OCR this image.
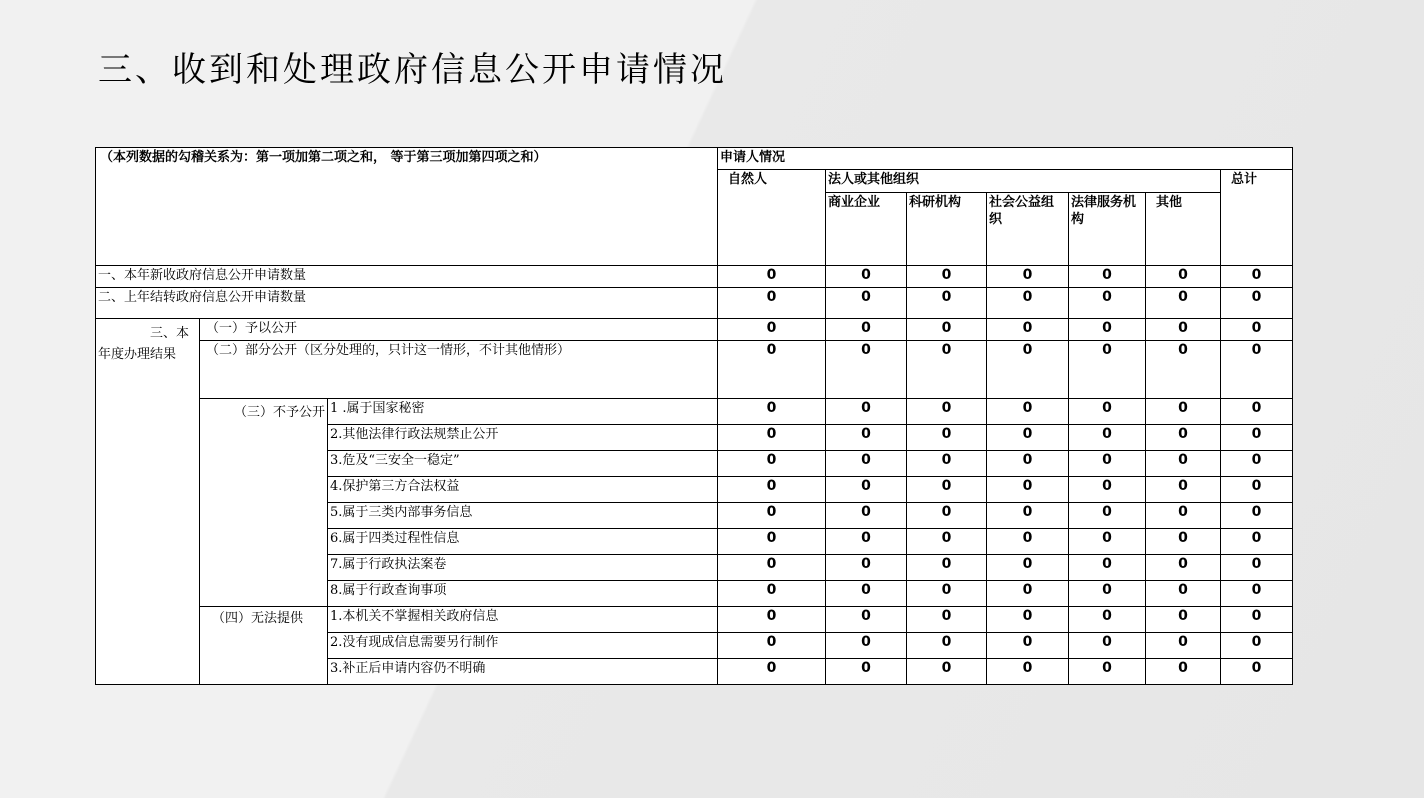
三、收到和处理政府信息公开申请情况
（本列数据的勾稽关系为：第一项加第二项之和， 等于第三项加第四项之和）			申请人情况						
			自然人	法人或其他组织					总计
				商业企业	科研机构	社会公益组织	法律服务机构	其他	
一、本年新收政府信息公开申请数量			0	0	0	0	0	0	0
二、上年结转政府信息公开申请数量			0	0	0	0	0	0	0
三、本年度办理结果	（一）予以公开		0	0	0	0	0	0	0
	（二）部分公开（区分处理的，只计这一情形，不计其他情形）		0	0	0	0	0	0	0
	（三）不予公开	1 .属于国家秘密	0	0	0	0	0	0	0
		2.其他法律行政法规禁止公开	0	0	0	0	0	0	0
		3.危及“三安全一稳定”	0	0	0	0	0	0	0
		4.保护第三方合法权益	0	0	0	0	0	0	0
		5.属于三类内部事务信息	0	0	0	0	0	0	0
		6.属于四类过程性信息	0	0	0	0	0	0	0
		7.属于行政执法案卷	0	0	0	0	0	0	0
		8.属于行政查询事项	0	0	0	0	0	0	0
	（四）无法提供	1.本机关不掌握相关政府信息	0	0	0	0	0	0	0
		2.没有现成信息需要另行制作	0	0	0	0	0	0	0
		3.补正后申请内容仍不明确	0	0	0	0	0	0	0
